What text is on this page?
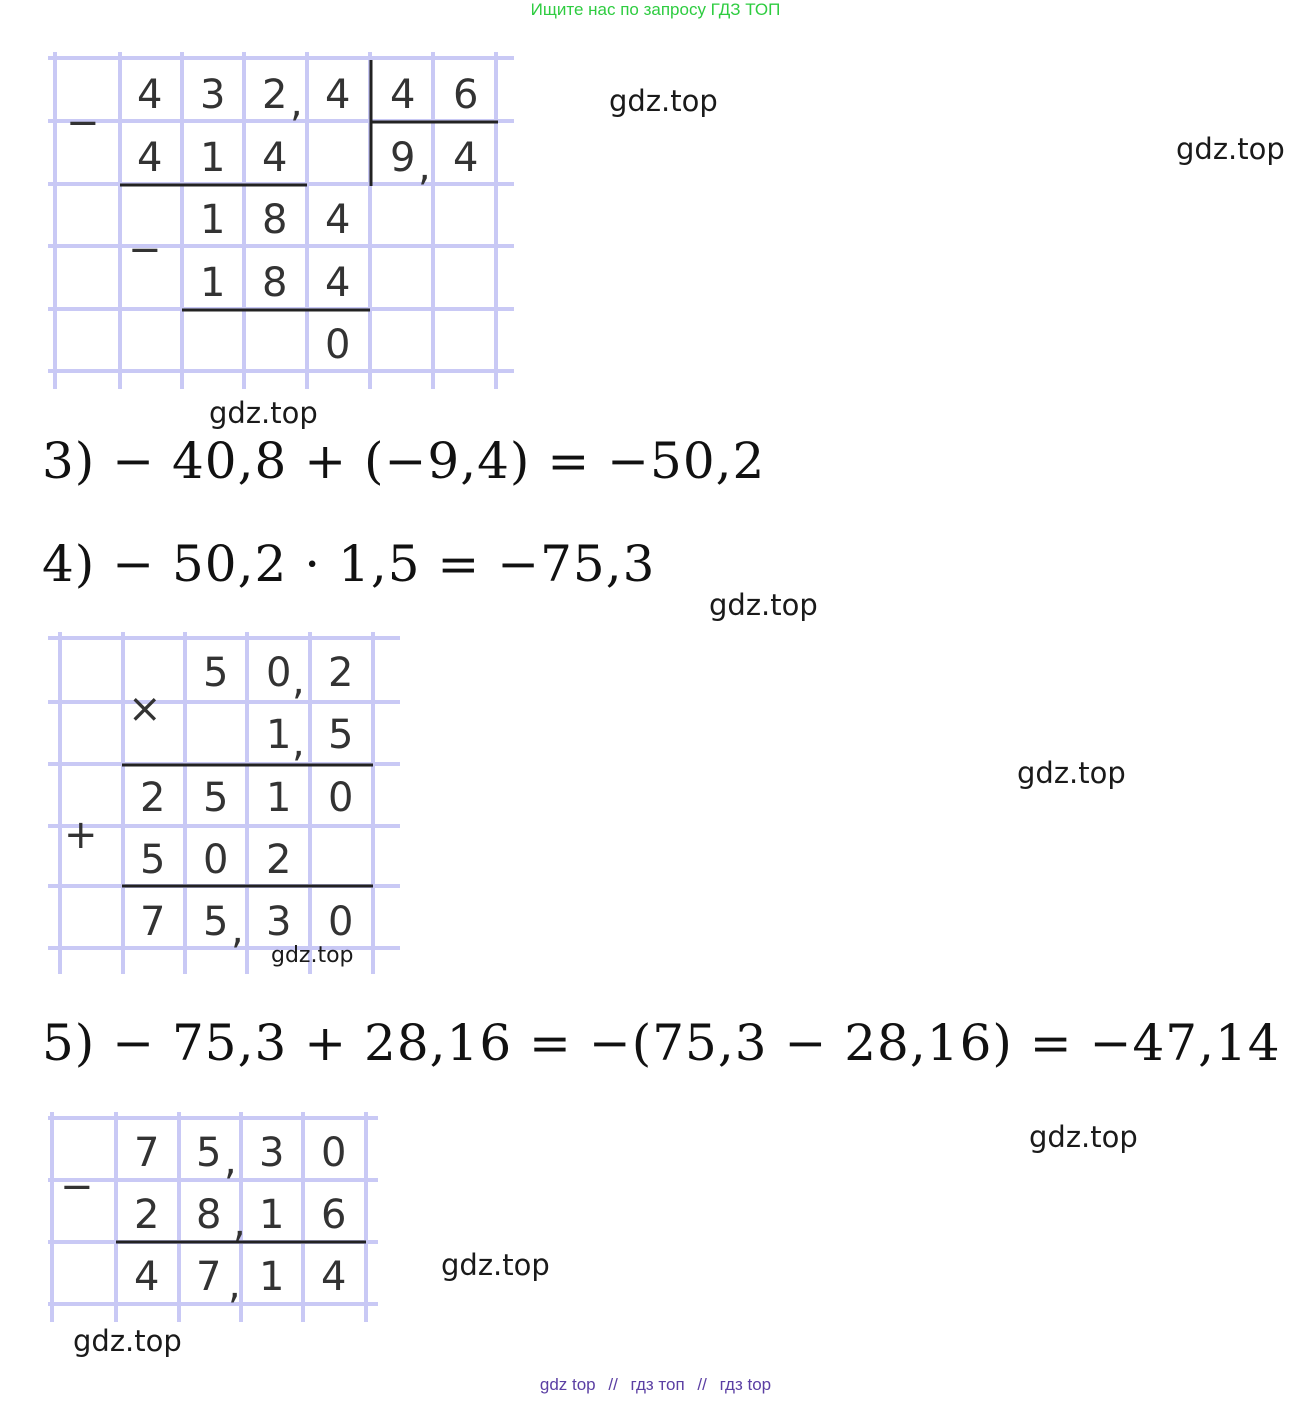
Ищите нас по запросу ГДЗ ТОП
−
4 3 2 , 4 4 6
4 1 4	9 , 4
−
1 8 4
1 8 4
0
gdz.top
gdz.top
gdz.top
3) − 40,8 + (−9,4) = −50,2
4) − 50,2 · 1,5 = −75,3
gdz.top
×
+
5 0 , 2
1 , 5
2 5 1 0
5 0 2
7 5 , 3 0
gdz.top
gdz.top
5) − 75,3 + 28,16 = −(75,3 − 28,16) = −47,14
−
7 5 , 3 0
2 8 , 1 6
4 7 , 1 4
gdz.top
gdz.top
gdz.top
gdz top // гдз топ // гдз top
